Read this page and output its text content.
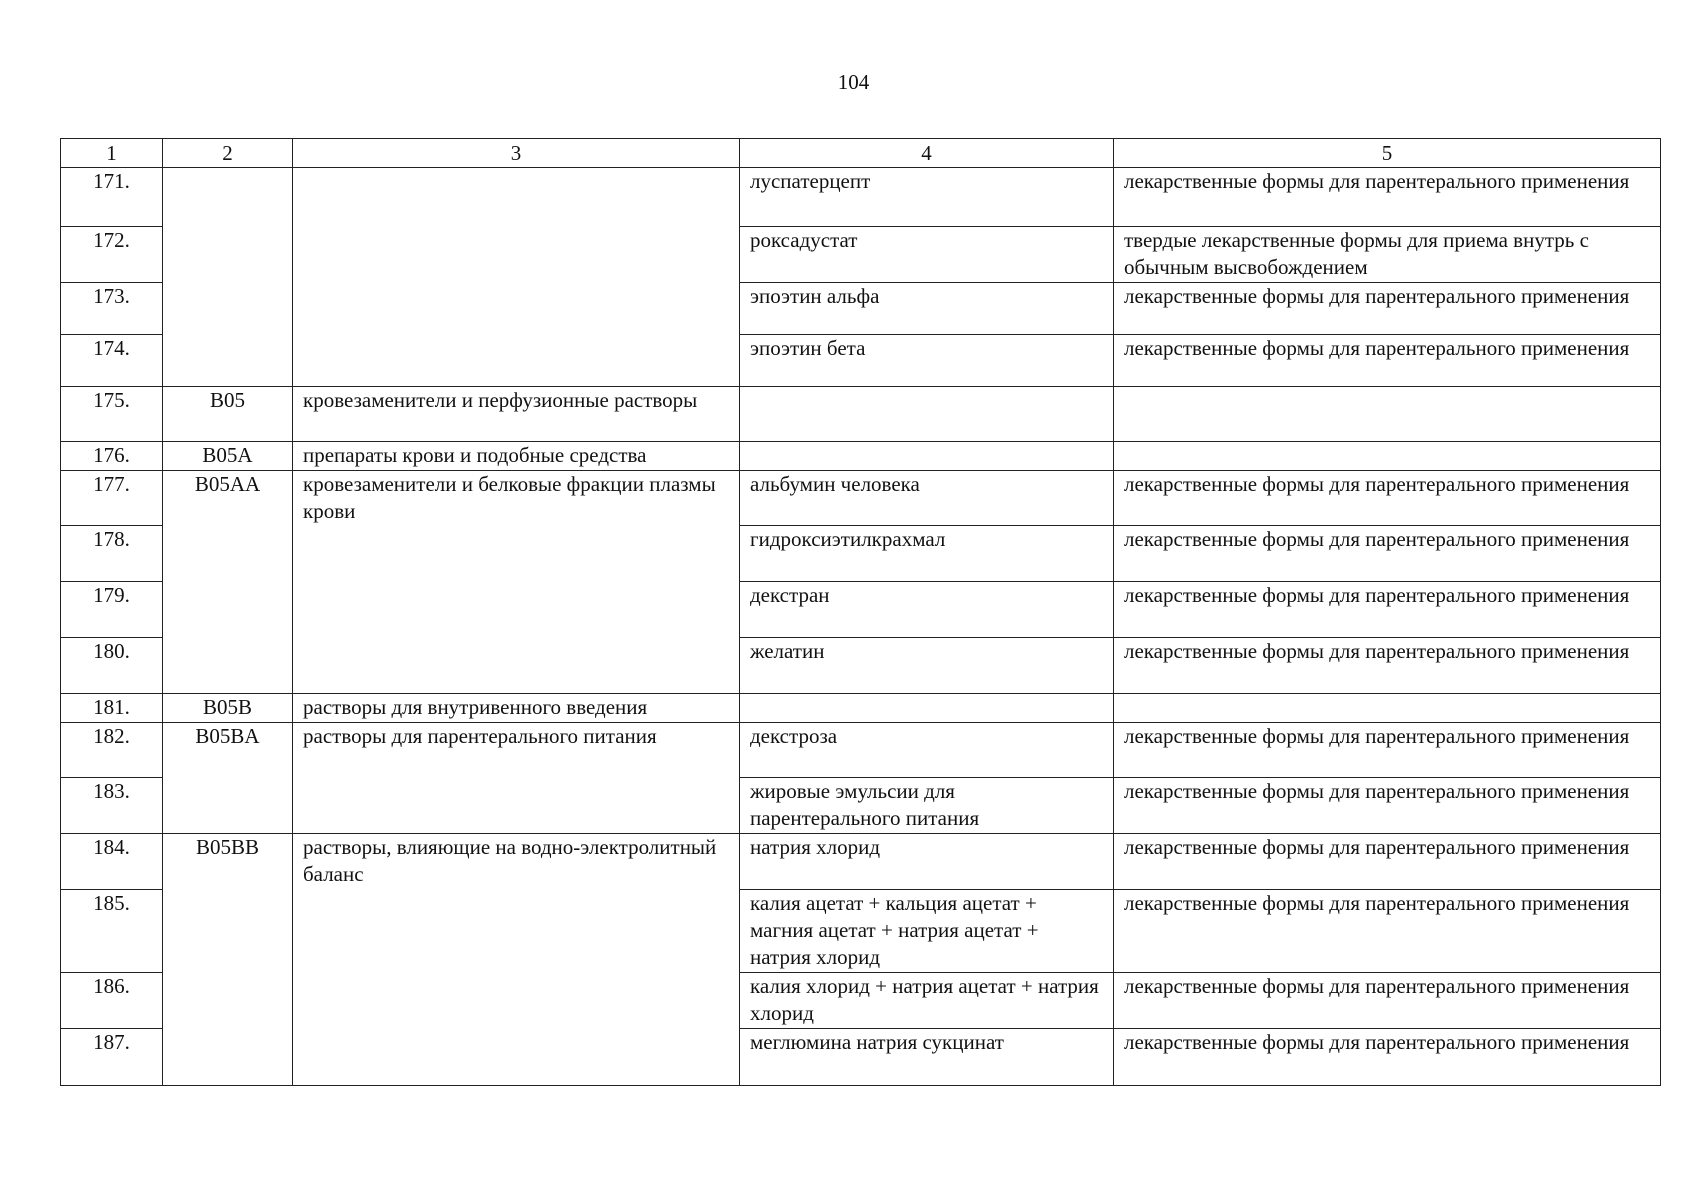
104
1	2	3	4	5
171.			луспатерцепт	лекарственные формы для парентерального применения
172.			роксадустат	твердые лекарственные формы для приема внутрь с обычным высвобождением
173.			эпоэтин альфа	лекарственные формы для парентерального применения
174.			эпоэтин бета	лекарственные формы для парентерального применения
175.	B05	кровезаменители и перфузионные растворы		
176.	B05A	препараты крови и подобные средства		
177.	B05AA	кровезаменители и белковые фракции плазмы крови	альбумин человека	лекарственные формы для парентерального применения
178.			гидроксиэтилкрахмал	лекарственные формы для парентерального применения
179.			декстран	лекарственные формы для парентерального применения
180.			желатин	лекарственные формы для парентерального применения
181.	B05B	растворы для внутривенного введения		
182.	B05BA	растворы для парентерального питания	декстроза	лекарственные формы для парентерального применения
183.			жировые эмульсии для парентерального питания	лекарственные формы для парентерального применения
184.	B05BB	растворы, влияющие на водно-электролитный баланс	натрия хлорид	лекарственные формы для парентерального применения
185.			калия ацетат + кальция ацетат + магния ацетат + натрия ацетат + натрия хлорид	лекарственные формы для парентерального применения
186.			калия хлорид + натрия ацетат + натрия хлорид	лекарственные формы для парентерального применения
187.			меглюмина натрия сукцинат	лекарственные формы для парентерального применения
